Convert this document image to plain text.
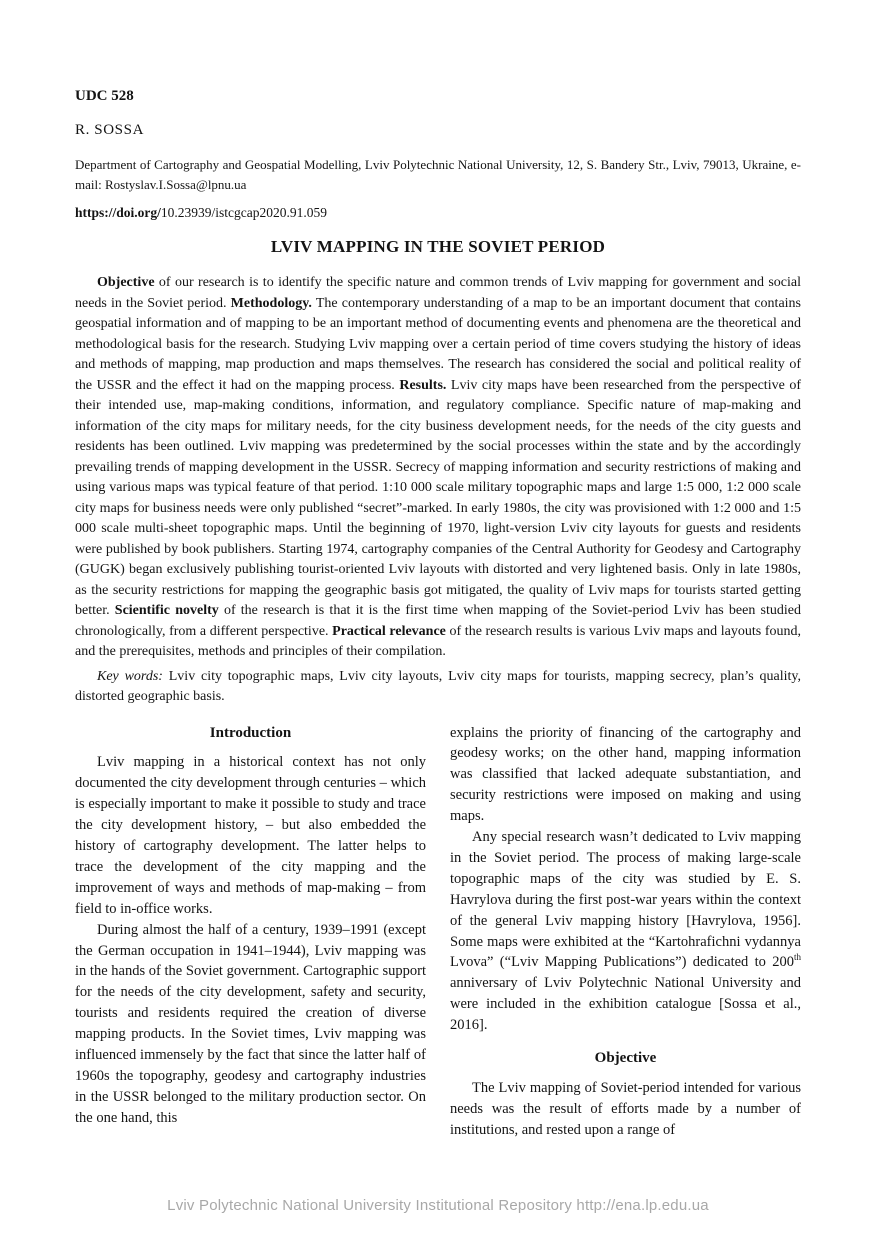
UDC 528

R. SOSSA

Department of Cartography and Geospatial Modelling, Lviv Polytechnic National University, 12, S. Bandery Str., Lviv, 79013, Ukraine, e-mail: Rostyslav.I.Sossa@lpnu.ua

https://doi.org/10.23939/istcgcap2020.91.059

LVIV MAPPING IN THE SOVIET PERIOD

Objective of our research is to identify the specific nature and common trends of Lviv mapping for government and social needs in the Soviet period. Methodology. The contemporary understanding of a map to be an important document that contains geospatial information and of mapping to be an important method of documenting events and phenomena are the theoretical and methodological basis for the research. Studying Lviv mapping over a certain period of time covers studying the history of ideas and methods of mapping, map production and maps themselves. The research has considered the social and political reality of the USSR and the effect it had on the mapping process. Results. Lviv city maps have been researched from the perspective of their intended use, map-making conditions, information, and regulatory compliance. Specific nature of map-making and information of the city maps for military needs, for the city business development needs, for the needs of the city guests and residents has been outlined. Lviv mapping was predetermined by the social processes within the state and by the accordingly prevailing trends of mapping development in the USSR. Secrecy of mapping information and security restrictions of making and using various maps was typical feature of that period. 1:10 000 scale military topographic maps and large 1:5 000, 1:2 000 scale city maps for business needs were only published “secret”-marked. In early 1980s, the city was provisioned with 1:2 000 and 1:5 000 scale multi-sheet topographic maps. Until the beginning of 1970, light-version Lviv city layouts for guests and residents were published by book publishers. Starting 1974, cartography companies of the Central Authority for Geodesy and Cartography (GUGK) began exclusively publishing tourist-oriented Lviv layouts with distorted and very lightened basis. Only in late 1980s, as the security restrictions for mapping the geographic basis got mitigated, the quality of Lviv maps for tourists started getting better. Scientific novelty of the research is that it is the first time when mapping of the Soviet-period Lviv has been studied chronologically, from a different perspective. Practical relevance of the research results is various Lviv maps and layouts found, and the prerequisites, methods and principles of their compilation.

Key words: Lviv city topographic maps, Lviv city layouts, Lviv city maps for tourists, mapping secrecy, plan’s quality, distorted geographic basis.

Introduction

Lviv mapping in a historical context has not only documented the city development through centuries – which is especially important to make it possible to study and trace the city development history, – but also embedded the history of cartography development. The latter helps to trace the development of the city mapping and the improvement of ways and methods of map-making – from field to in-office works.

During almost the half of a century, 1939–1991 (except the German occupation in 1941–1944), Lviv mapping was in the hands of the Soviet government. Cartographic support for the needs of the city development, safety and security, tourists and residents required the creation of diverse mapping products. In the Soviet times, Lviv mapping was influenced immensely by the fact that since the latter half of 1960s the topography, geodesy and cartography industries in the USSR belonged to the military production sector. On the one hand, this

explains the priority of financing of the cartography and geodesy works; on the other hand, mapping information was classified that lacked adequate substantiation, and security restrictions were imposed on making and using maps.

Any special research wasn’t dedicated to Lviv mapping in the Soviet period. The process of making large-scale topographic maps of the city was studied by E. S. Havrylova during the first post-war years within the context of the general Lviv mapping history [Havrylova, 1956]. Some maps were exhibited at the “Kartohrafichni vydannya Lvova” (“Lviv Mapping Publications”) dedicated to 200th anniversary of Lviv Polytechnic National University and were included in the exhibition catalogue [Sossa et al., 2016].

Objective

The Lviv mapping of Soviet-period intended for various needs was the result of efforts made by a number of institutions, and rested upon a range of

Lviv Polytechnic National University Institutional Repository http://ena.lp.edu.ua
